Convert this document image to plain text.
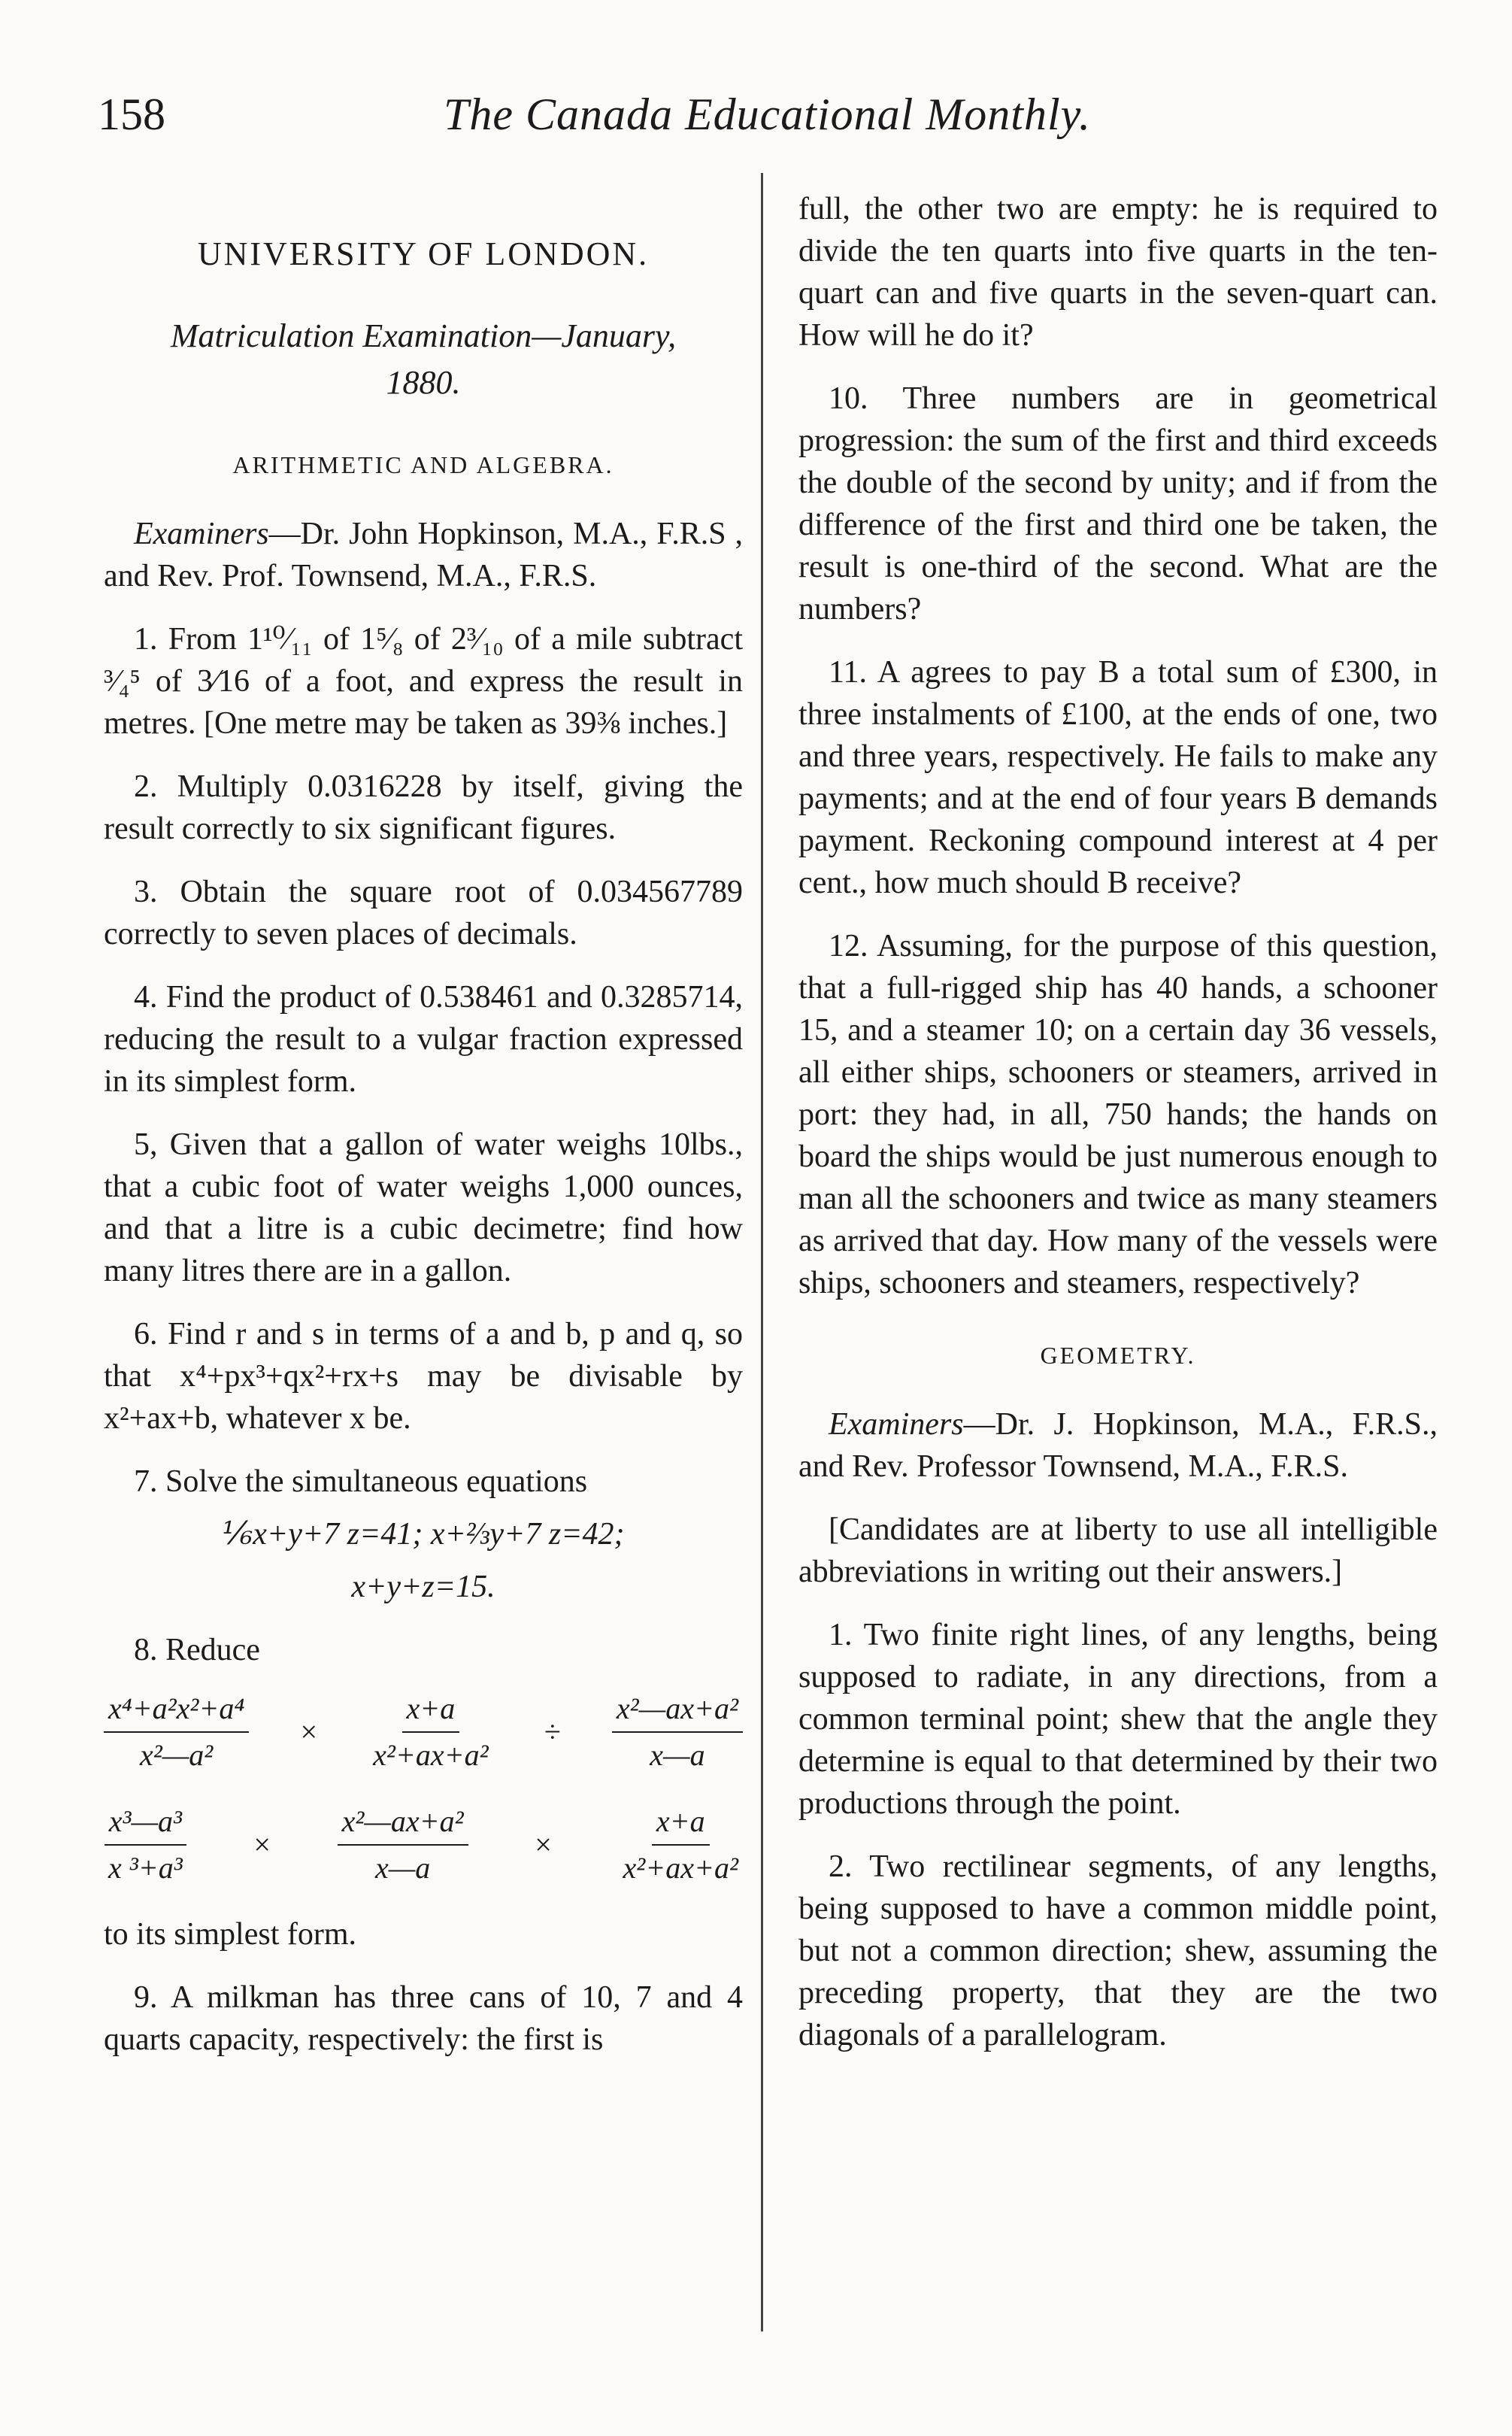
158	The Canada Educational Monthly.
UNIVERSITY OF LONDON.
Matriculation Examination—January,
1880.
ARITHMETIC AND ALGEBRA.

Examiners—Dr. John Hopkinson, M.A., F.R.S , and Rev. Prof. Townsend, M.A., F.R.S.

1. From 1¹⁰⁄₁₁ of 1⁵⁄₈ of 2³⁄₁₀ of a mile subtract ³⁄₄⁵ of 3⁄16 of a foot, and express the result in metres. [One metre may be taken as 39⅜ inches.]

2. Multiply 0.0316228 by itself, giving the result correctly to six significant figures.

3. Obtain the square root of 0.034567789 correctly to seven places of decimals.

4. Find the product of 0.538461 and 0.3285714, reducing the result to a vulgar fraction expressed in its simplest form.

5, Given that a gallon of water weighs 10lbs., that a cubic foot of water weighs 1,000 ounces, and that a litre is a cubic decimetre; find how many litres there are in a gallon.

6. Find r and s in terms of a and b, p and q, so that x⁴+px³+qx²+rx+s may be divisable by x²+ax+b, whatever x be.

7. Solve the simultaneous equations

⅙x+y+7 z=41; x+⅔y+7 z=42;
x+y+z=15.

8. Reduce

$\frac{\text{x⁴+a²x²+a⁴}}{\text{x²—a²}} \times \frac{x+a}{\text{x²+ax+a²}} \div \frac{\text{x²—ax+a²}}{x—a}$
$\frac{\text{x³—a³}}{\text{x ³+a³}} \times \frac{\text{x²—ax+a²}}{x—a} \times \frac{x+a}{\text{x²+ax+a²}}$

to its simplest form.

9. A milkman has three cans of 10, 7 and 4 quarts capacity, respectively: the first is

full, the other two are empty: he is required to divide the ten quarts into five quarts in the ten-quart can and five quarts in the seven-quart can. How will he do it?

10. Three numbers are in geometrical progression: the sum of the first and third exceeds the double of the second by unity; and if from the difference of the first and third one be taken, the result is one-third of the second. What are the numbers?

11. A agrees to pay B a total sum of £300, in three instalments of £100, at the ends of one, two and three years, respectively. He fails to make any payments; and at the end of four years B demands payment. Reckoning compound interest at 4 per cent., how much should B receive?

12. Assuming, for the purpose of this question, that a full-rigged ship has 40 hands, a schooner 15, and a steamer 10; on a certain day 36 vessels, all either ships, schooners or steamers, arrived in port: they had, in all, 750 hands; the hands on board the ships would be just numerous enough to man all the schooners and twice as many steamers as arrived that day. How many of the vessels were ships, schooners and steamers, respectively?

GEOMETRY.

Examiners—Dr. J. Hopkinson, M.A., F.R.S., and Rev. Professor Townsend, M.A., F.R.S.

[Candidates are at liberty to use all intelligible abbreviations in writing out their answers.]

1. Two finite right lines, of any lengths, being supposed to radiate, in any directions, from a common terminal point; shew that the angle they determine is equal to that determined by their two productions through the point.

2. Two rectilinear segments, of any lengths, being supposed to have a common middle point, but not a common direction; shew, assuming the preceding property, that they are the two diagonals of a parallelogram.
